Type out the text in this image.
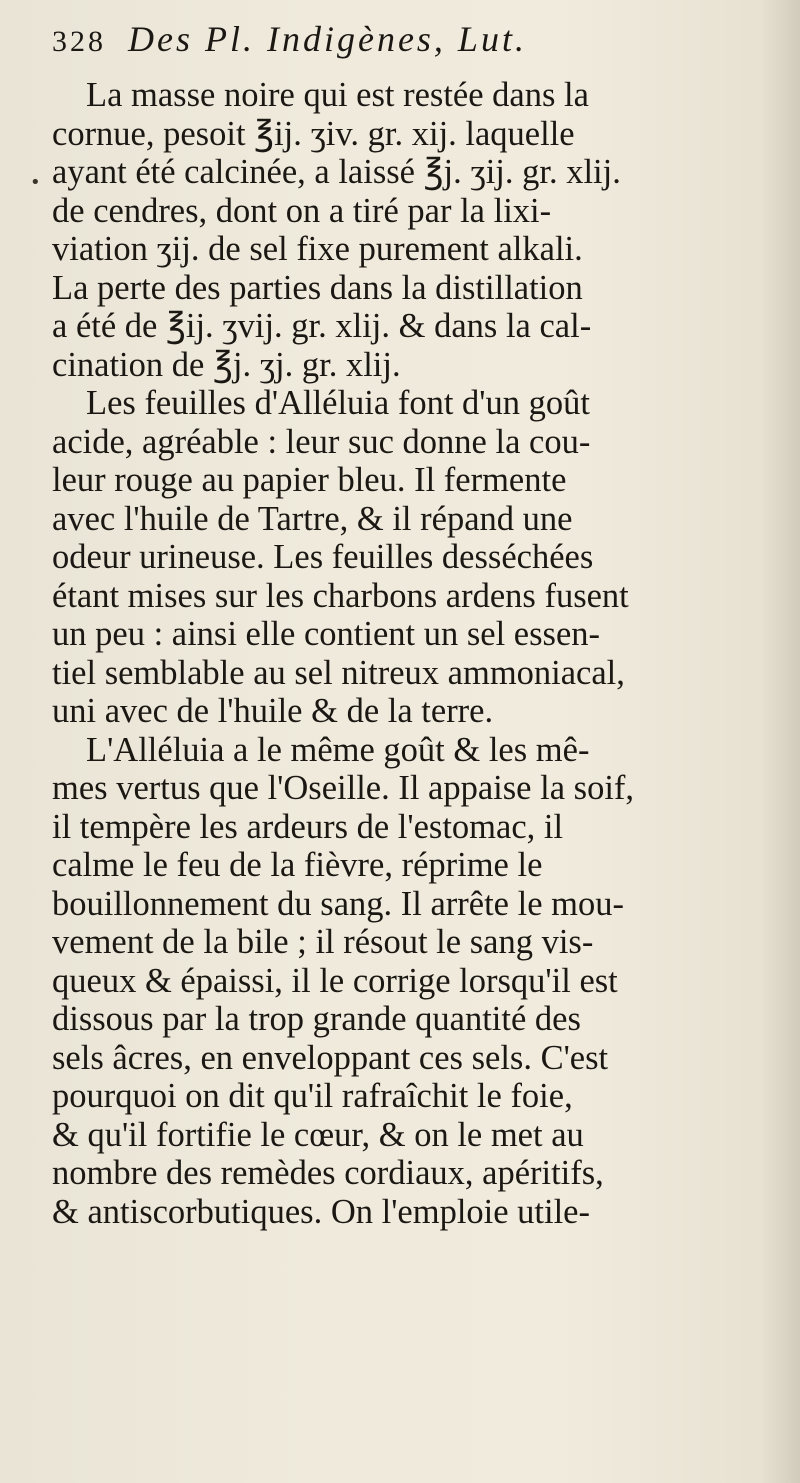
328 Des Pl. Indigènes, Lut.
•
La masse noire qui est restée dans la
cornue, pesoit ℥ij. ʒiv. gr. xij. laquelle
ayant été calcinée, a laissé ℥j. ʒij. gr. xlij.
de cendres, dont on a tiré par la lixi-
viation ʒij. de sel fixe purement alkali.
La perte des parties dans la distillation
a été de ℥ij. ʒvij. gr. xlij. & dans la cal-
cination de ℥j. ʒj. gr. xlij.
Les feuilles d'Alléluia font d'un goût
acide, agréable : leur suc donne la cou-
leur rouge au papier bleu. Il fermente
avec l'huile de Tartre, & il répand une
odeur urineuse. Les feuilles desséchées
étant mises sur les charbons ardens fusent
un peu : ainsi elle contient un sel essen-
tiel semblable au sel nitreux ammoniacal,
uni avec de l'huile & de la terre.
L'Alléluia a le même goût & les mê-
mes vertus que l'Oseille. Il appaise la soif,
il tempère les ardeurs de l'estomac, il
calme le feu de la fièvre, réprime le
bouillonnement du sang. Il arrête le mou-
vement de la bile ; il résout le sang vis-
queux & épaissi, il le corrige lorsqu'il est
dissous par la trop grande quantité des
sels âcres, en enveloppant ces sels. C'est
pourquoi on dit qu'il rafraîchit le foie,
& qu'il fortifie le cœur, & on le met au
nombre des remèdes cordiaux, apéritifs,
& antiscorbutiques. On l'emploie utile-
